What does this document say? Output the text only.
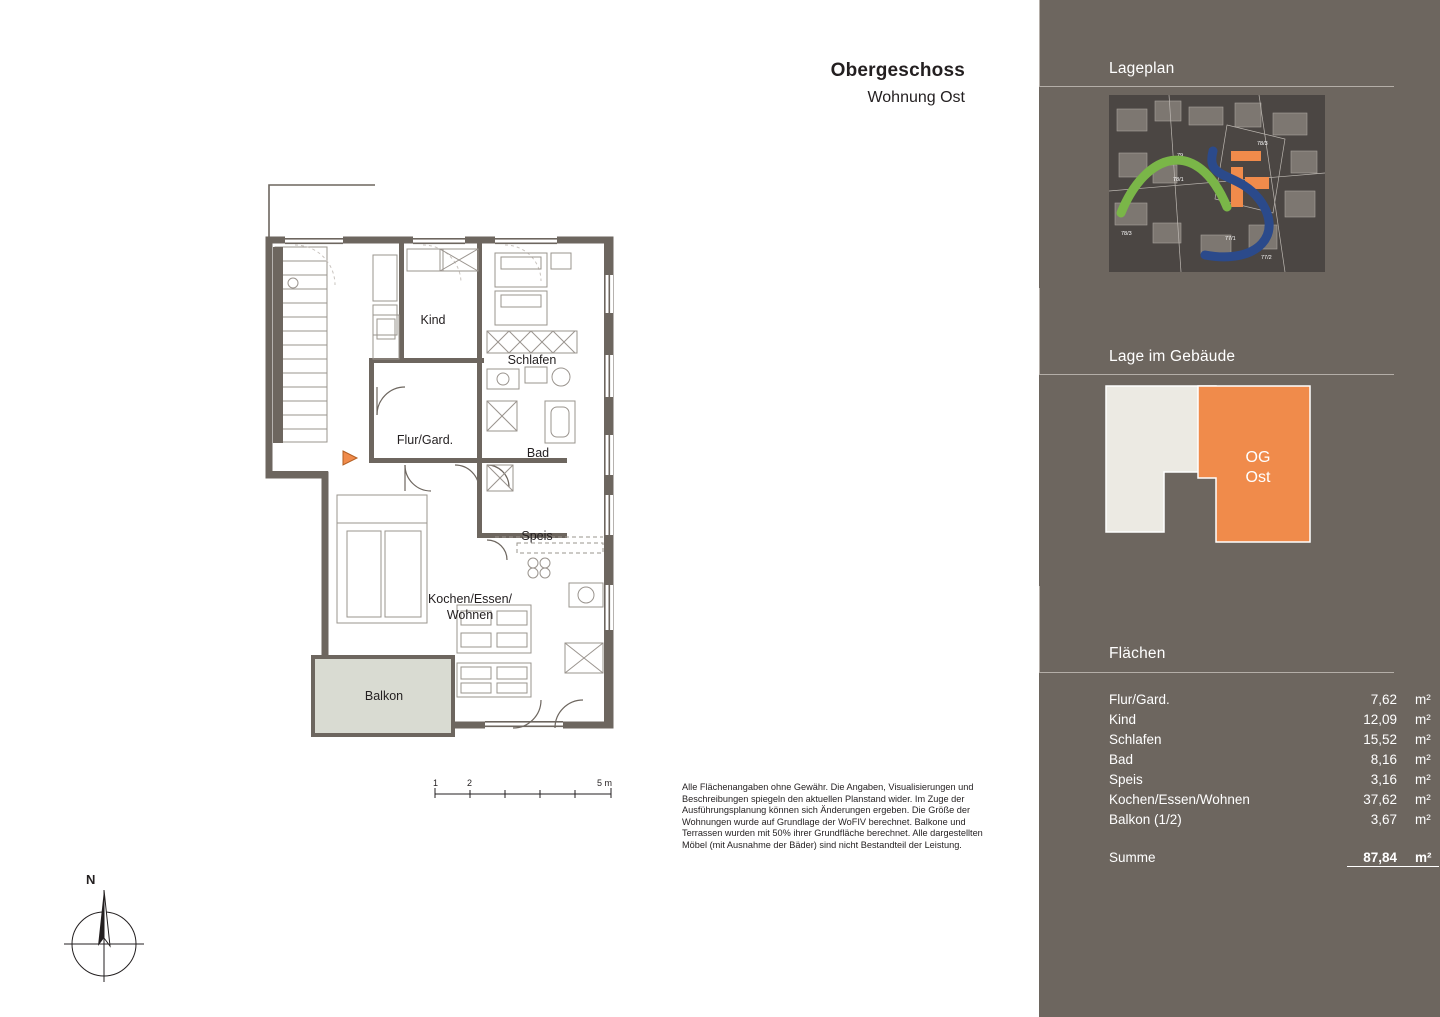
Obergeschoss
Wohnung Ost
Kind
Schlafen
Flur/Gard.
Bad
Speis
Kochen/Essen/
Wohnen
Balkon
1	2	5 m	Alle Flächenangaben ohne Gewähr. Die Angaben, Visualisierungen und Beschreibungen spiegeln den aktuellen Planstand wider. Im Zuge der Ausführungsplanung können sich Änderungen ergeben. Die Größe der Wohnungen wurde auf Grundlage der WoFIV berechnet. Balkone und Terrassen wurden mit 50% ihrer Grundfläche berechnet. Alle dargestellten Möbel (mit Ausnahme der Bäder) sind nicht Bestandteil der Leistung.
N
Lageplan
79
78/3
78/1
78/3
77/1
77/2
Lage im Gebäude
OG
Ost
Flächen
Flur/Gard.	7,62 m²
Kind	12,09 m²
Schlafen	15,52 m²
Bad	8,16 m²
Speis	3,16 m²
Kochen/Essen/Wohnen	37,62 m²
Balkon (1/2)	3,67 m²
Summe	87,84 m²
